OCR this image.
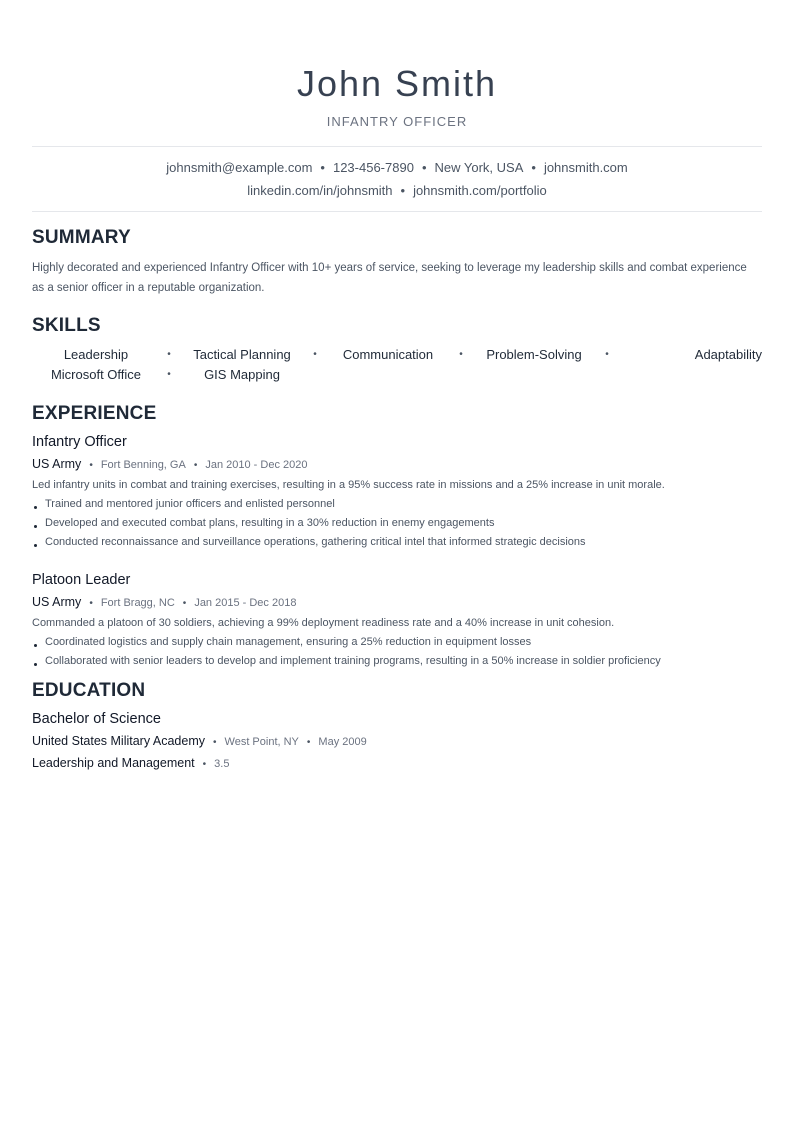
John Smith
INFANTRY OFFICER
johnsmith@example.com • 123-456-7890 • New York, USA • johnsmith.com
linkedin.com/in/johnsmith • johnsmith.com/portfolio
SUMMARY
Highly decorated and experienced Infantry Officer with 10+ years of service, seeking to leverage my leadership skills and combat experience as a senior officer in a reputable organization.
SKILLS
Leadership	•	Tactical Planning	•	Communication	•	Problem-Solving	•	Adaptability
Microsoft Office	•	GIS Mapping
EXPERIENCE
Infantry Officer
US Army • Fort Benning, GA • Jan 2010 - Dec 2020
Led infantry units in combat and training exercises, resulting in a 95% success rate in missions and a 25% increase in unit morale.
Trained and mentored junior officers and enlisted personnel
Developed and executed combat plans, resulting in a 30% reduction in enemy engagements
Conducted reconnaissance and surveillance operations, gathering critical intel that informed strategic decisions
Platoon Leader
US Army • Fort Bragg, NC • Jan 2015 - Dec 2018
Commanded a platoon of 30 soldiers, achieving a 99% deployment readiness rate and a 40% increase in unit cohesion.
Coordinated logistics and supply chain management, ensuring a 25% reduction in equipment losses
Collaborated with senior leaders to develop and implement training programs, resulting in a 50% increase in soldier proficiency
EDUCATION
Bachelor of Science
United States Military Academy • West Point, NY • May 2009
Leadership and Management • 3.5
